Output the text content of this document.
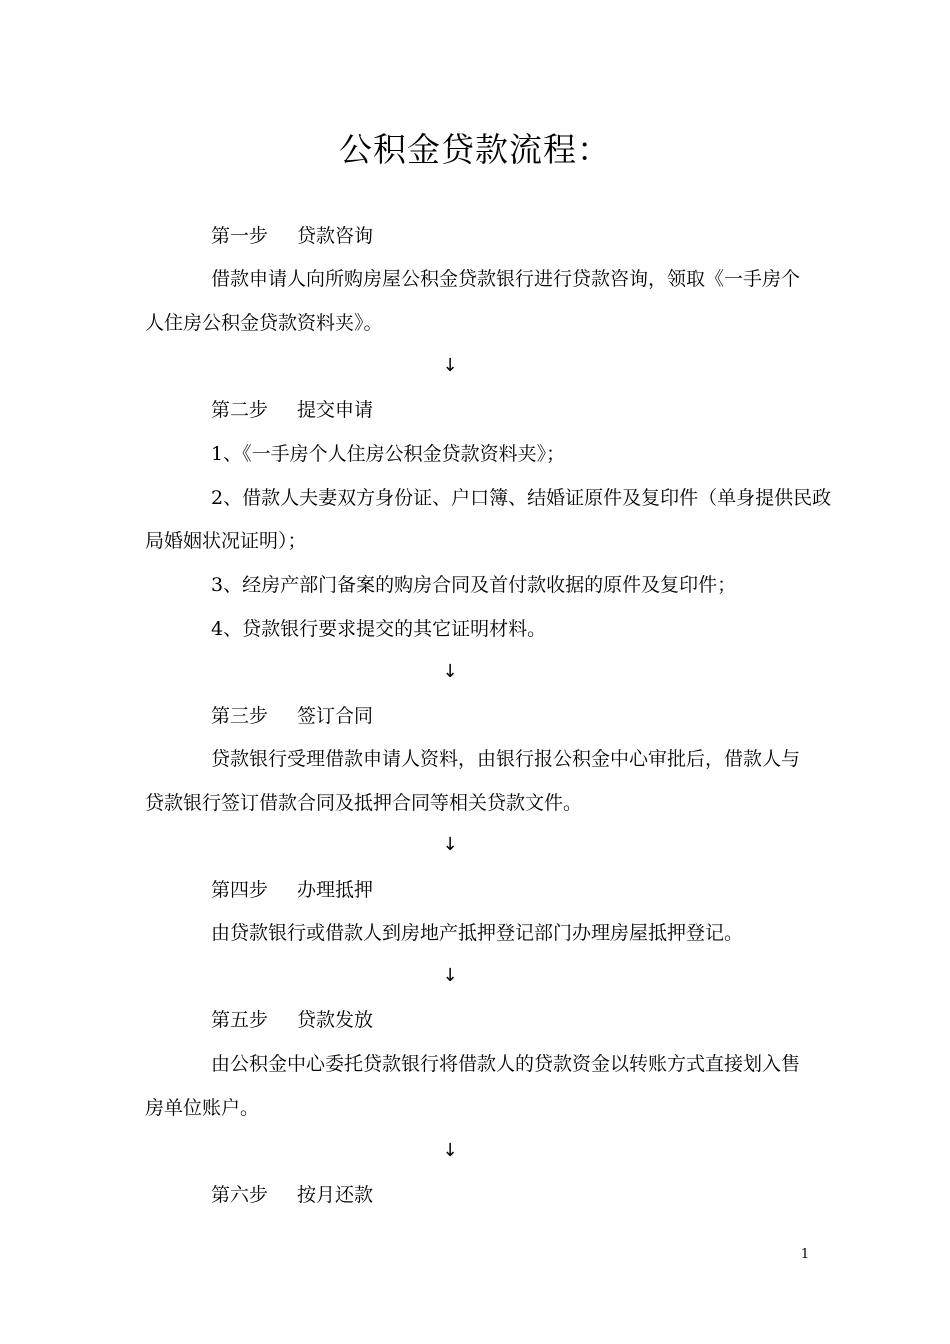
公积金贷款流程：
第一步 贷款咨询
借款申请人向所购房屋公积金贷款银行进行贷款咨询，领取《一手房个
人住房公积金贷款资料夹》。
↓
第二步 提交申请
1、《一手房个人住房公积金贷款资料夹》；
2、借款人夫妻双方身份证、户口簿、结婚证原件及复印件（单身提供民政
局婚姻状况证明）；
3、经房产部门备案的购房合同及首付款收据的原件及复印件；
4、贷款银行要求提交的其它证明材料。
↓
第三步 签订合同
贷款银行受理借款申请人资料，由银行报公积金中心审批后，借款人与
贷款银行签订借款合同及抵押合同等相关贷款文件。
↓
第四步 办理抵押
由贷款银行或借款人到房地产抵押登记部门办理房屋抵押登记。
↓
第五步 贷款发放
由公积金中心委托贷款银行将借款人的贷款资金以转账方式直接划入售
房单位账户。
↓
第六步 按月还款
1
